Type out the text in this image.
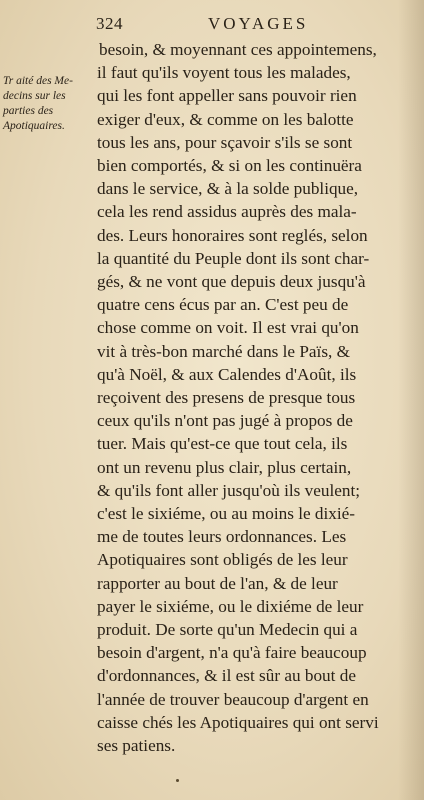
324	VOYAGES
Tr aité des Me-
decins sur les
parties des
Apotiquaires.
besoin, & moyennant ces appointemens,
il faut qu'ils voyent tous les malades,
qui les font appeller sans pouvoir rien
exiger d'eux, & comme on les balotte
tous les ans, pour sçavoir s'ils se sont
bien comportés, & si on les continuëra
dans le service, & à la solde publique,
cela les rend assidus auprès des mala-
des. Leurs honoraires sont reglés, selon
la quantité du Peuple dont ils sont char-
gés, & ne vont que depuis deux jusqu'à
quatre cens écus par an. C'est peu de
chose comme on voit. Il est vrai qu'on
vit à très-bon marché dans le Païs, &
qu'à Noël, & aux Calendes d'Août, ils
reçoivent des presens de presque tous
ceux qu'ils n'ont pas jugé à propos de
tuer. Mais qu'est-ce que tout cela, ils
ont un revenu plus clair, plus certain,
& qu'ils font aller jusqu'où ils veulent;
c'est le sixiéme, ou au moins le dixié-
me de toutes leurs ordonnances. Les
Apotiquaires sont obligés de les leur
rapporter au bout de l'an, & de leur
payer le sixiéme, ou le dixiéme de leur
produit. De sorte qu'un Medecin qui a
besoin d'argent, n'a qu'à faire beaucoup
d'ordonnances, & il est sûr au bout de
l'année de trouver beaucoup d'argent en
caisse chés les Apotiquaires qui ont servi
ses patiens.
